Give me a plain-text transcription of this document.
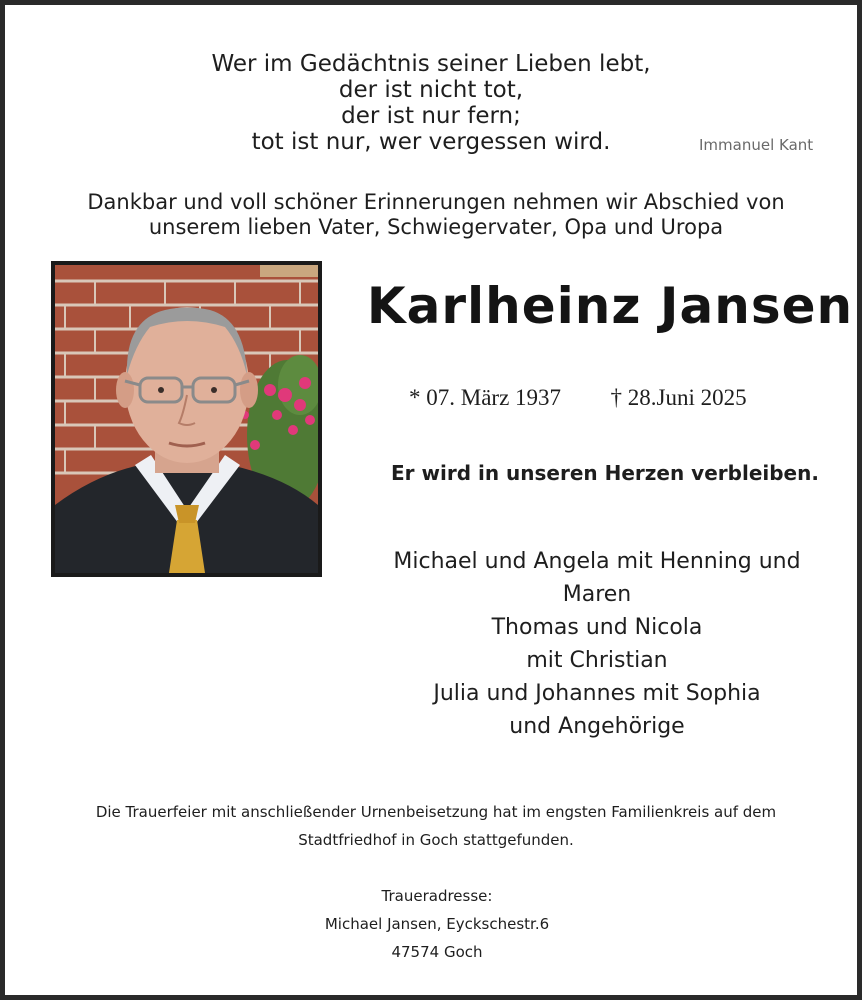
Wer im Gedächtnis seiner Lieben lebt,
der ist nicht tot,
der ist nur fern;
tot ist nur, wer vergessen wird.	Immanuel Kant
Dankbar und voll schöner Erinnerungen nehmen wir Abschied von
unserem lieben Vater, Schwiegervater, Opa und Uropa
Karlheinz Jansen
* 07. März 1937 † 28.Juni 2025
Er wird in unseren Herzen verbleiben.
Michael und Angela mit Henning und
Maren
Thomas und Nicola
mit Christian
Julia und Johannes mit Sophia
und Angehörige
Die Trauerfeier mit anschließender Urnenbeisetzung hat im engsten Familienkreis auf dem
Stadtfriedhof in Goch stattgefunden.
Traueradresse:
Michael Jansen, Eyckschestr.6
47574 Goch
